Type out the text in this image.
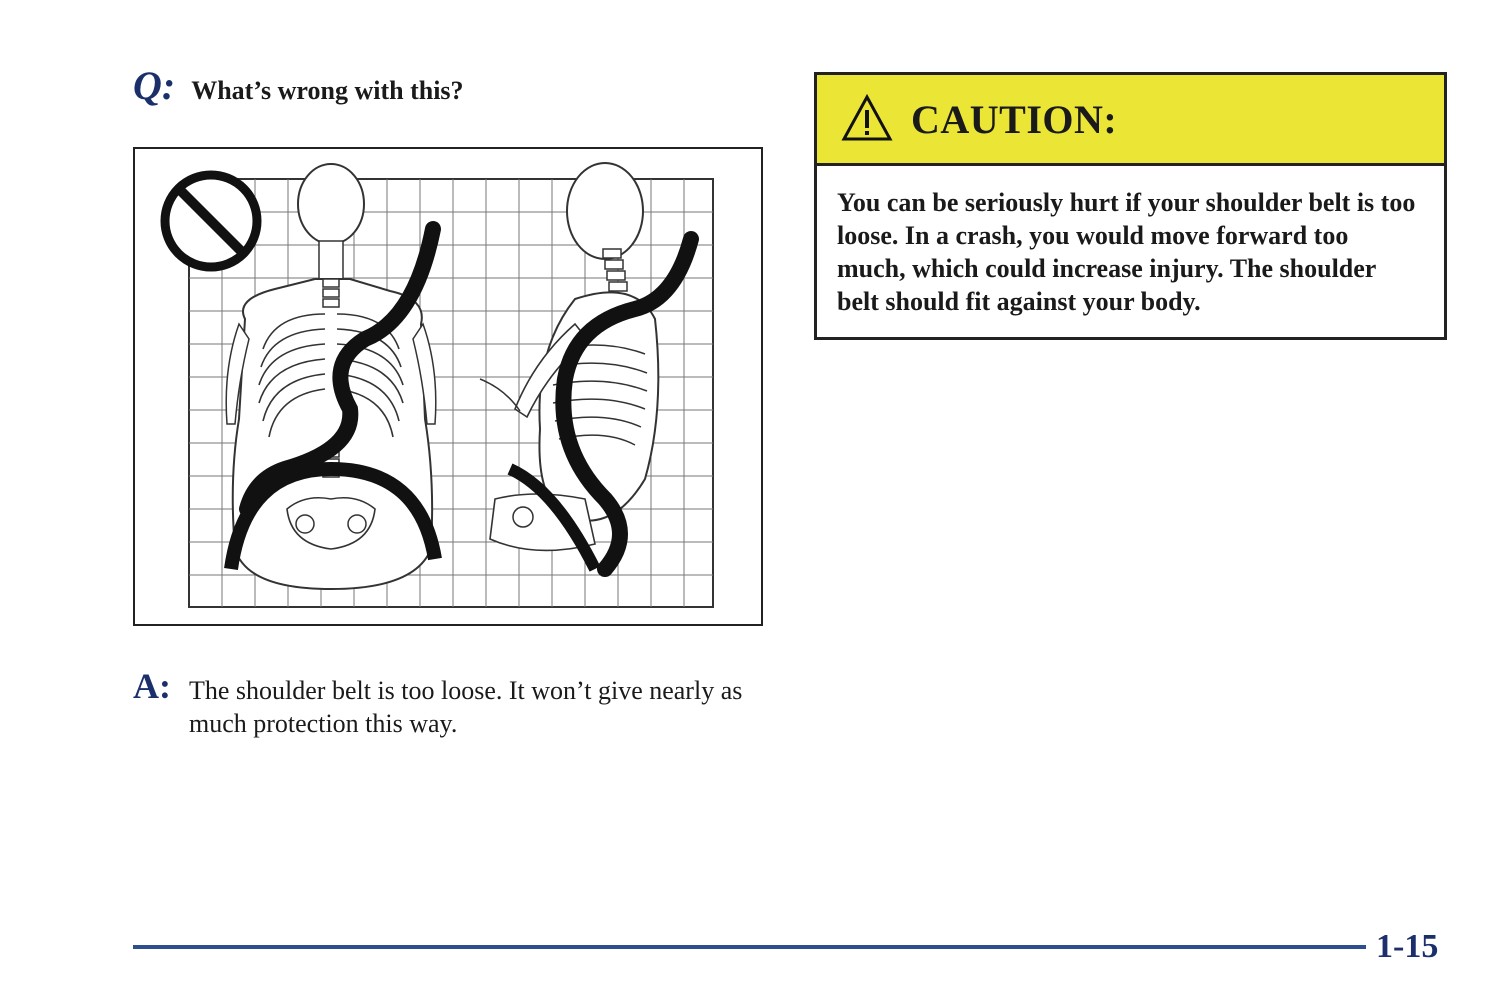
Q: What’s wrong with this?
A: The shoulder belt is too loose. It won’t give nearly as much protection this way.
CAUTION:
You can be seriously hurt if your shoulder belt is too loose. In a crash, you would move forward too much, which could increase injury. The shoulder belt should fit against your body.
1-15
